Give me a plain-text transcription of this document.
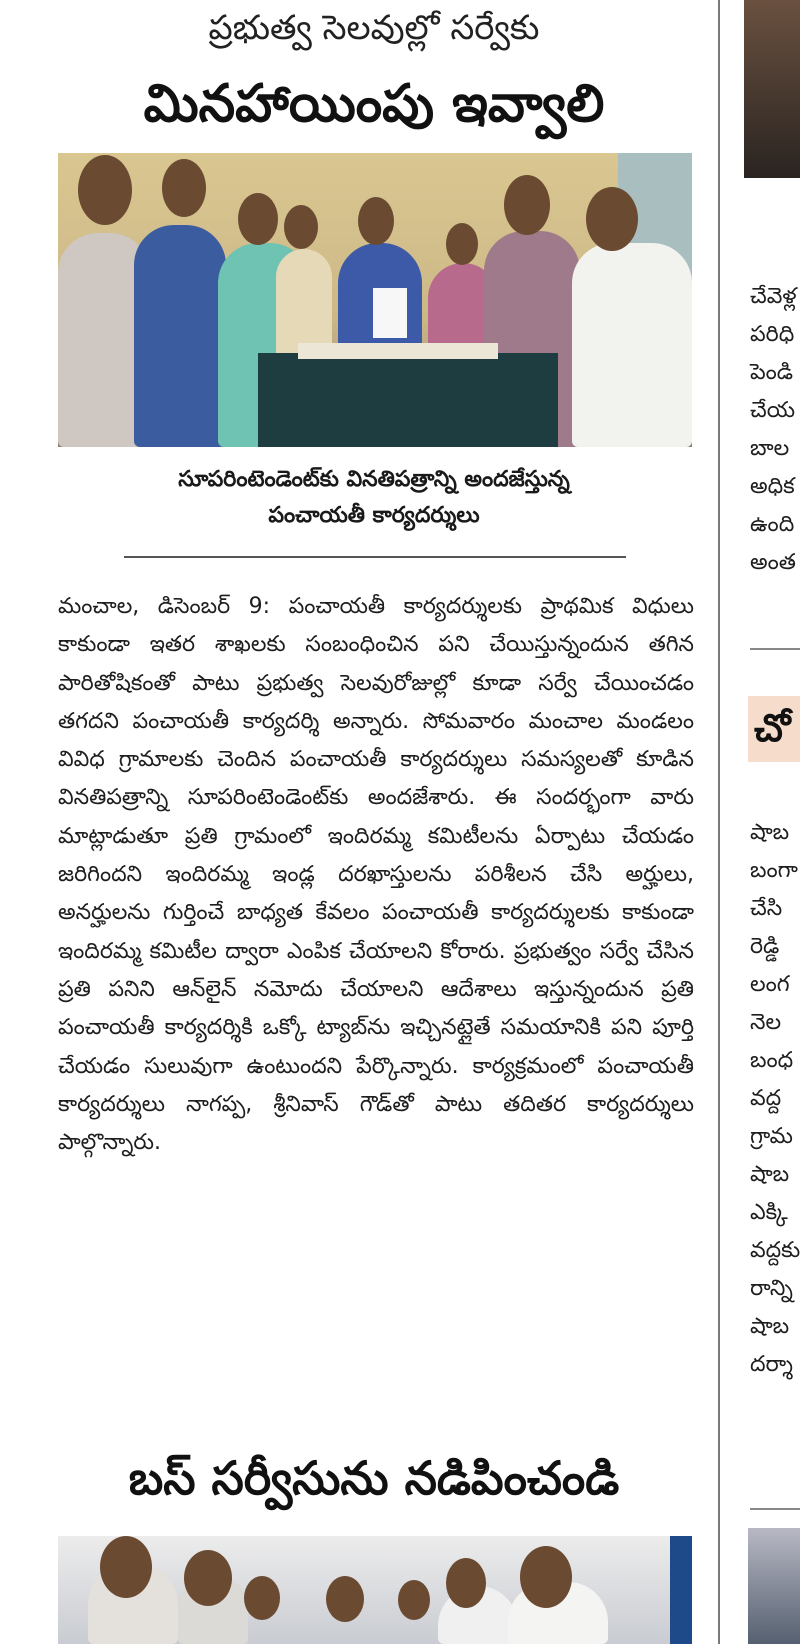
ప్రభుత్వ సెలవుల్లో సర్వేకు
మినహాయింపు ఇవ్వాలి
సూపరింటెండెంట్‌కు వినతిపత్రాన్ని అందజేస్తున్న
పంచాయతీ కార్యదర్శులు
మంచాల, డిసెంబర్ 9: పంచాయతీ కార్యదర్శులకు ప్రాథమిక విధులు కాకుండా ఇతర శాఖలకు సంబంధించిన పని చేయిస్తున్నందున తగిన పారితోషికంతో పాటు ప్రభుత్వ సెలవురోజుల్లో కూడా సర్వే చేయించడం తగదని పంచాయతీ కార్యదర్శి అన్నారు. సోమవారం మంచాల మండలం వివిధ గ్రామాలకు చెందిన పంచాయతీ కార్యదర్శులు సమస్యలతో కూడిన వినతిపత్రాన్ని సూపరింటెండెంట్‌కు అందజేశారు. ఈ సందర్భంగా వారు మాట్లాడుతూ ప్రతి గ్రామంలో ఇందిరమ్మ కమిటీలను ఏర్పాటు చేయడం జరిగిందని ఇందిరమ్మ ఇండ్ల దరఖాస్తులను పరిశీలన చేసి అర్హులు, అనర్హులను గుర్తించే బాధ్యత కేవలం పంచాయతీ కార్యదర్శులకు కాకుండా ఇందిరమ్మ కమిటీల ద్వారా ఎంపిక చేయాలని కోరారు. ప్రభుత్వం సర్వే చేసిన ప్రతి పనిని ఆన్‌లైన్ నమోదు చేయాలని ఆదేశాలు ఇస్తున్నందున ప్రతి పంచాయతీ కార్యదర్శికి ఒక్కో ట్యాబ్‌ను ఇచ్చినట్లైతే సమయానికి పని పూర్తి చేయడం సులువుగా ఉంటుందని పేర్కొన్నారు. కార్యక్రమంలో పంచాయతీ కార్యదర్శులు నాగప్ప, శ్రీనివాస్ గౌడ్‌తో పాటు తదితర కార్యదర్శులు పాల్గొన్నారు.
బస్ సర్వీసును నడిపించండి
చేవెళ్ల
పరిధి
పెండి
చేయ
బాల
అధిక
ఉంది
అంత
చో
షాబ
బంగా
చేసి
రెడ్డి
లంగ
నెల
బంధ
వద్ద
గ్రామ
షాబ
ఎక్కి
వద్దకు
రాన్ని
షాబ
దర్శా
